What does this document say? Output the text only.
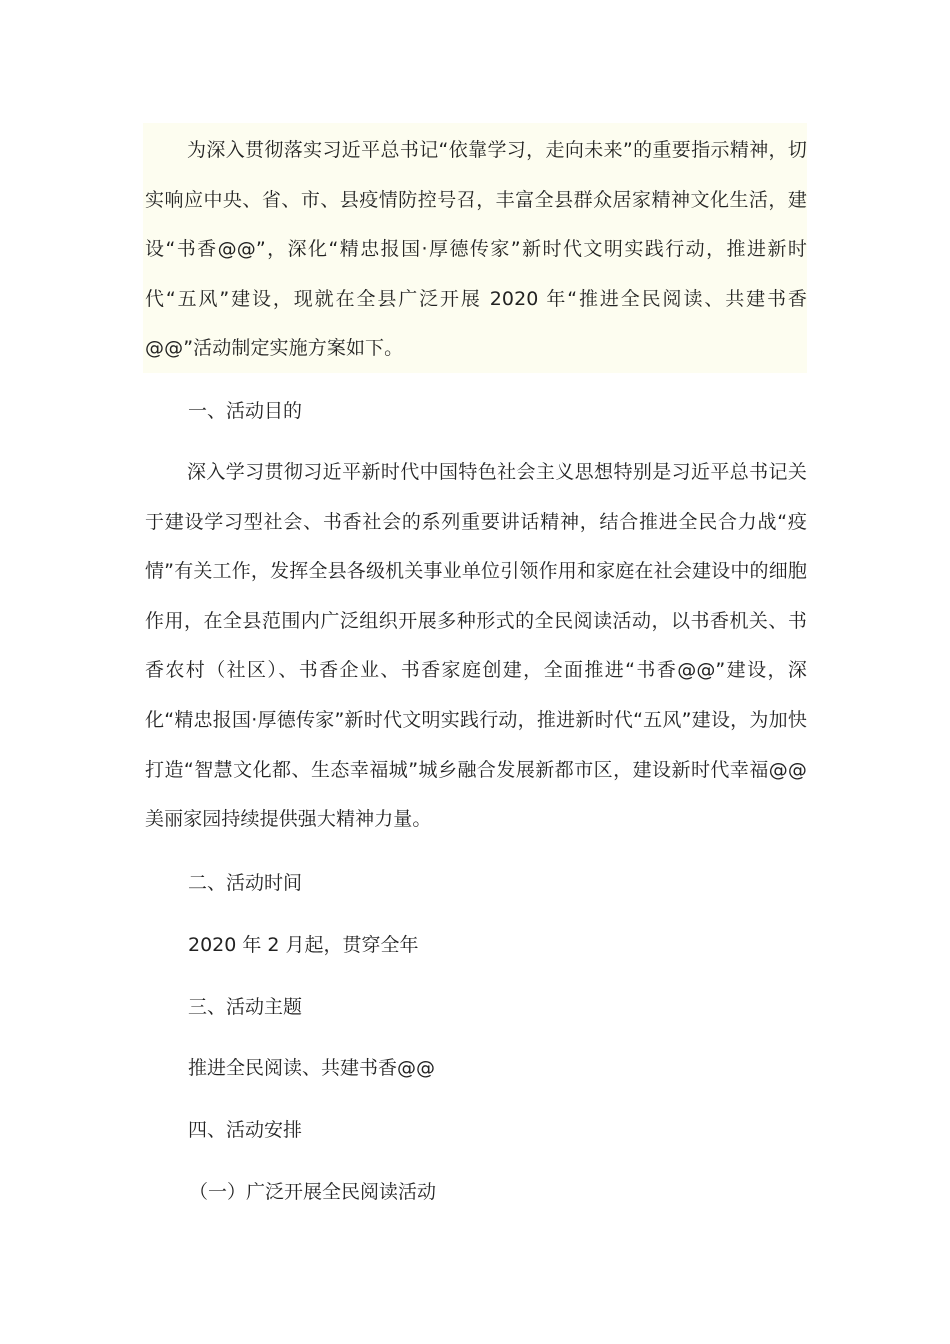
为深入贯彻落实习近平总书记“依靠学习，走向未来”的重要指示精神，切实响应中央、省、市、县疫情防控号召，丰富全县群众居家精神文化生活，建设“书香@@”，深化“精忠报国·厚德传家”新时代文明实践行动，推进新时代“五风”建设，现就在全县广泛开展 2020 年“推进全民阅读、共建书香@@”活动制定实施方案如下。

一、活动目的

深入学习贯彻习近平新时代中国特色社会主义思想特别是习近平总书记关于建设学习型社会、书香社会的系列重要讲话精神，结合推进全民合力战“疫情”有关工作，发挥全县各级机关事业单位引领作用和家庭在社会建设中的细胞作用，在全县范围内广泛组织开展多种形式的全民阅读活动，以书香机关、书香农村（社区）、书香企业、书香家庭创建，全面推进“书香@@”建设，深化“精忠报国·厚德传家”新时代文明实践行动，推进新时代“五风”建设，为加快打造“智慧文化都、生态幸福城”城乡融合发展新都市区，建设新时代幸福@@美丽家园持续提供强大精神力量。

二、活动时间

2020 年 2 月起，贯穿全年

三、活动主题

推进全民阅读、共建书香@@

四、活动安排

（一）广泛开展全民阅读活动
